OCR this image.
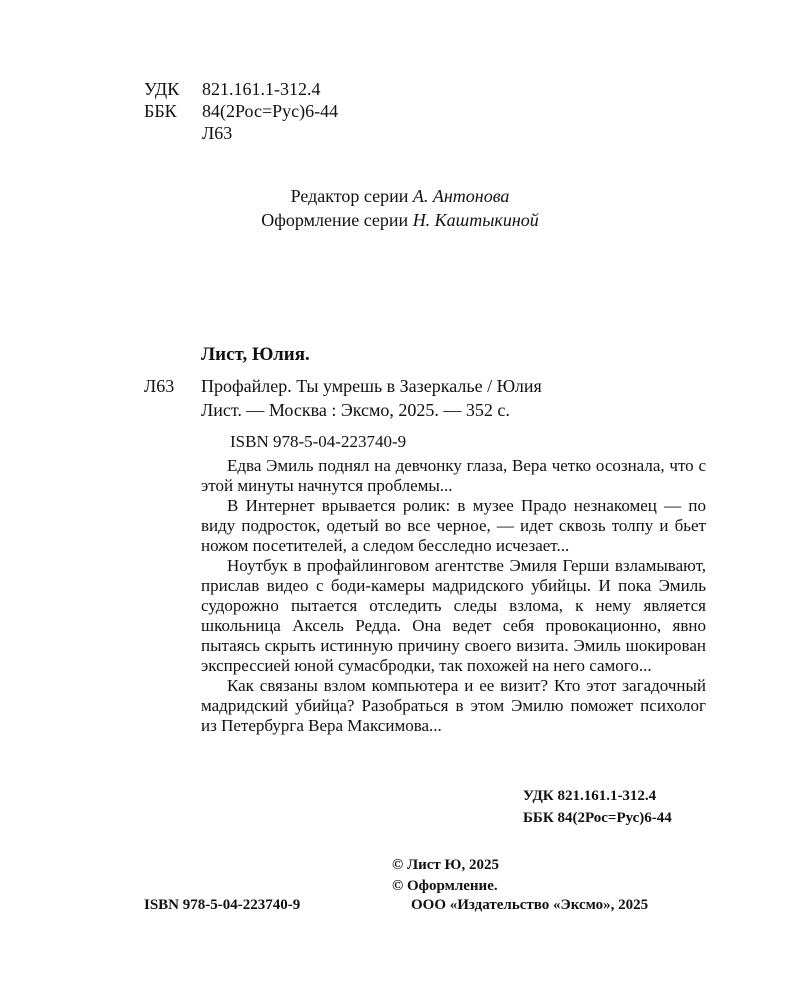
УДК	821.161.1-312.4
ББК	84(2Рос=Рус)6-44
Л63
Редактор серии А. Антонова
Оформление серии Н. Каштыкиной
Лист, Юлия.
Л63	Профайлер. Ты умрешь в Зазеркалье / Юлия
Лист. — Москва : Эксмо, 2025. — 352 с.
ISBN 978-5-04-223740-9

Едва Эмиль поднял на девчонку глаза, Вера четко осознала, что с этой минуты начнутся проблемы...

В Интернет врывается ролик: в музее Прадо незнакомец — по виду подросток, одетый во все черное, — идет сквозь толпу и бьет ножом посетителей, а следом бесследно исчезает...

Ноутбук в профайлинговом агентстве Эмиля Герши взламывают, прислав видео с боди-камеры мадридского убийцы. И пока Эмиль судорожно пытается отследить следы взлома, к нему является школьница Аксель Редда. Она ведет себя провокационно, явно пытаясь скрыть истинную причину своего визита. Эмиль шокирован экспрессией юной сумасбродки, так похожей на него самого...

Как связаны взлом компьютера и ее визит? Кто этот загадочный мадридский убийца? Разобраться в этом Эмилю поможет психолог из Петербурга Вера Максимова...

УДК 821.161.1-312.4
ББК 84(2Рос=Рус)6-44
© Лист Ю, 2025
© Оформление.
ISBN 978-5-04-223740-9	ООО «Издательство «Эксмо», 2025
